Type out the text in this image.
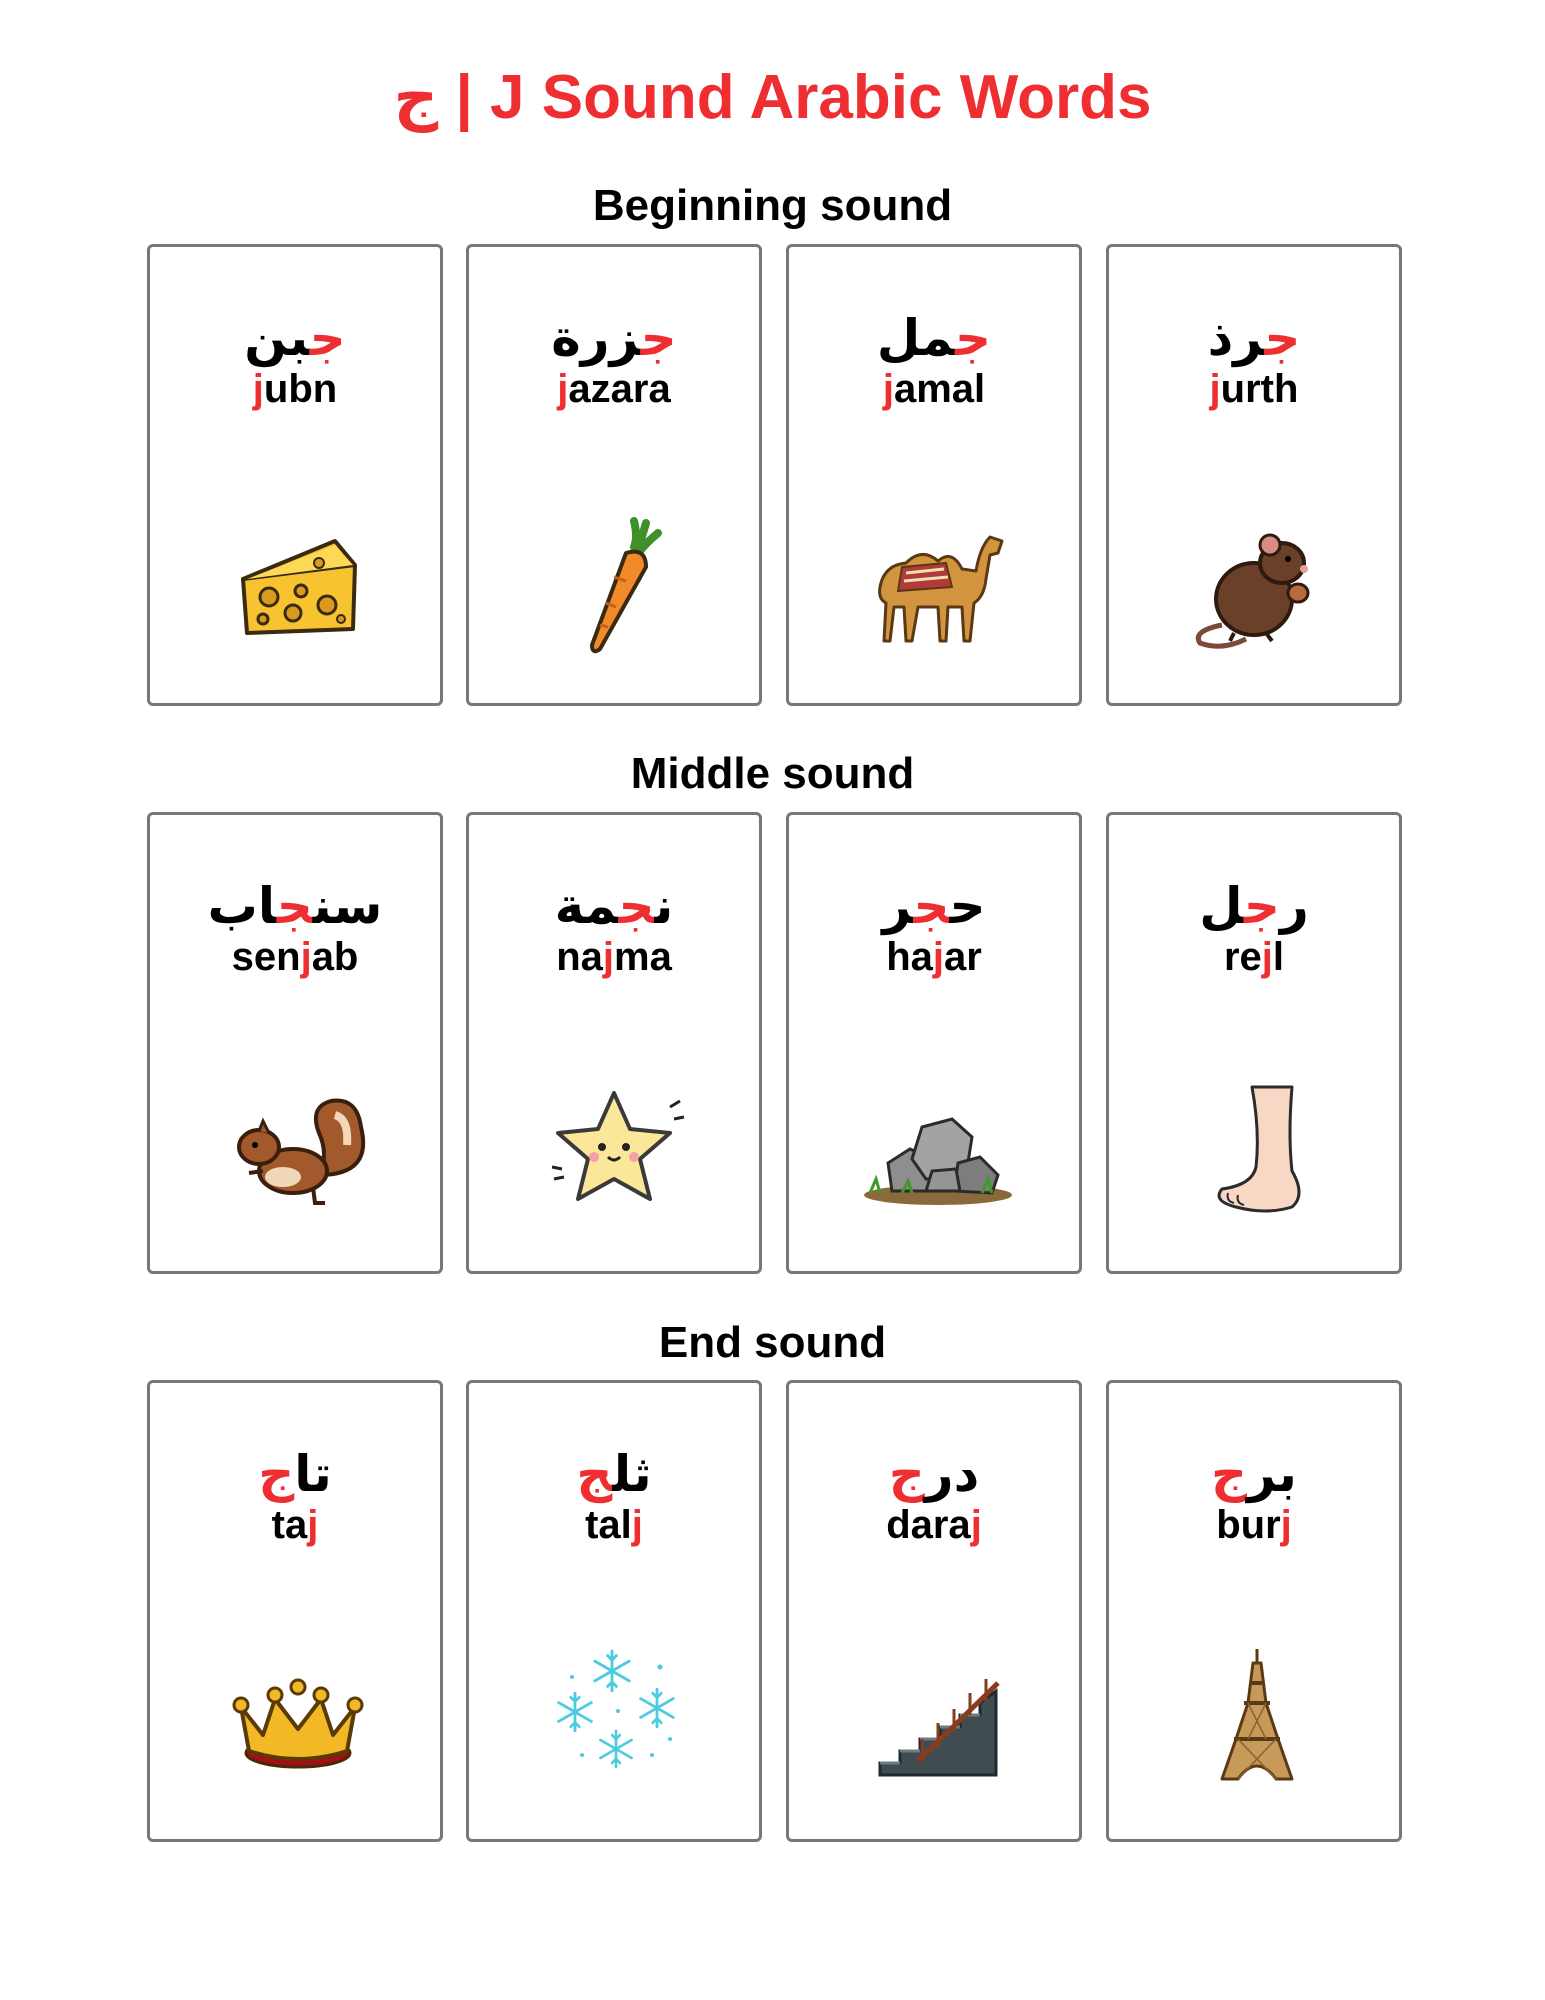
ج | J Sound Arabic Words
Beginning sound
جبن
jubn
جزرة
jazara
جمل
jamal
جرذ
jurth
Middle sound
سنجاب
senjab
نجمة
najma
حجر
hajar
رجل
rejl
End sound
تاج
taj
ثلج
talj
درج
daraj
برج
burj
